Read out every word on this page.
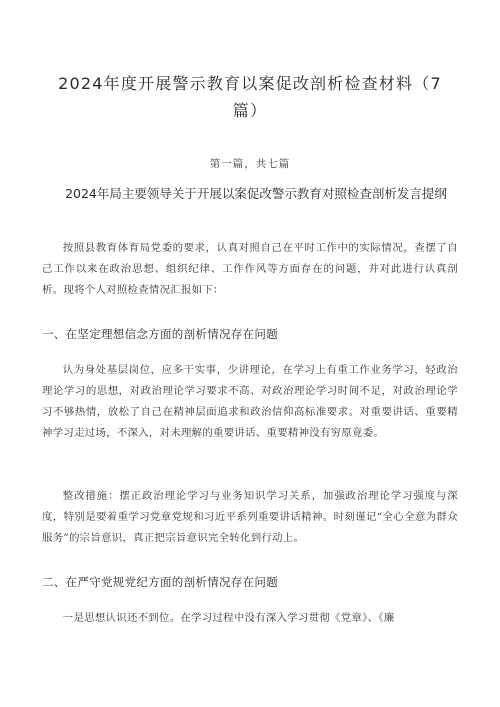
2024年度开展警示教育以案促改剖析检查材料（7篇）
第一篇，共七篇
2024年局主要领导关于开展以案促改警示教育对照检查剖析发言提纲

按照县教育体育局党委的要求，认真对照自己在平时工作中的实际情况，查摆了自己工作以来在政治思想、组织纪律、工作作风等方面存在的问题，并对此进行认真剖析。现将个人对照检查情况汇报如下：

一、在坚定理想信念方面的剖析情况存在问题

认为身处基层岗位，应多干实事，少讲理论，在学习上有重工作业务学习，轻政治理论学习的思想，对政治理论学习要求不高、对政治理论学习时间不足，对政治理论学习不够热情，放松了自己在精神层面追求和政治信仰高标准要求。对重要讲话、重要精神学习走过场，不深入，对未理解的重要讲话、重要精神没有穷原竟委。

整改措施：摆正政治理论学习与业务知识学习关系，加强政治理论学习强度与深度，特别是要着重学习党章党规和习近平系列重要讲话精神。时刻谨记“全心全意为群众服务”的宗旨意识，真正把宗旨意识完全转化到行动上。

二、在严守党规党纪方面的剖析情况存在问题

一是思想认识还不到位。在学习过程中没有深入学习贯彻《党章》、《廉
